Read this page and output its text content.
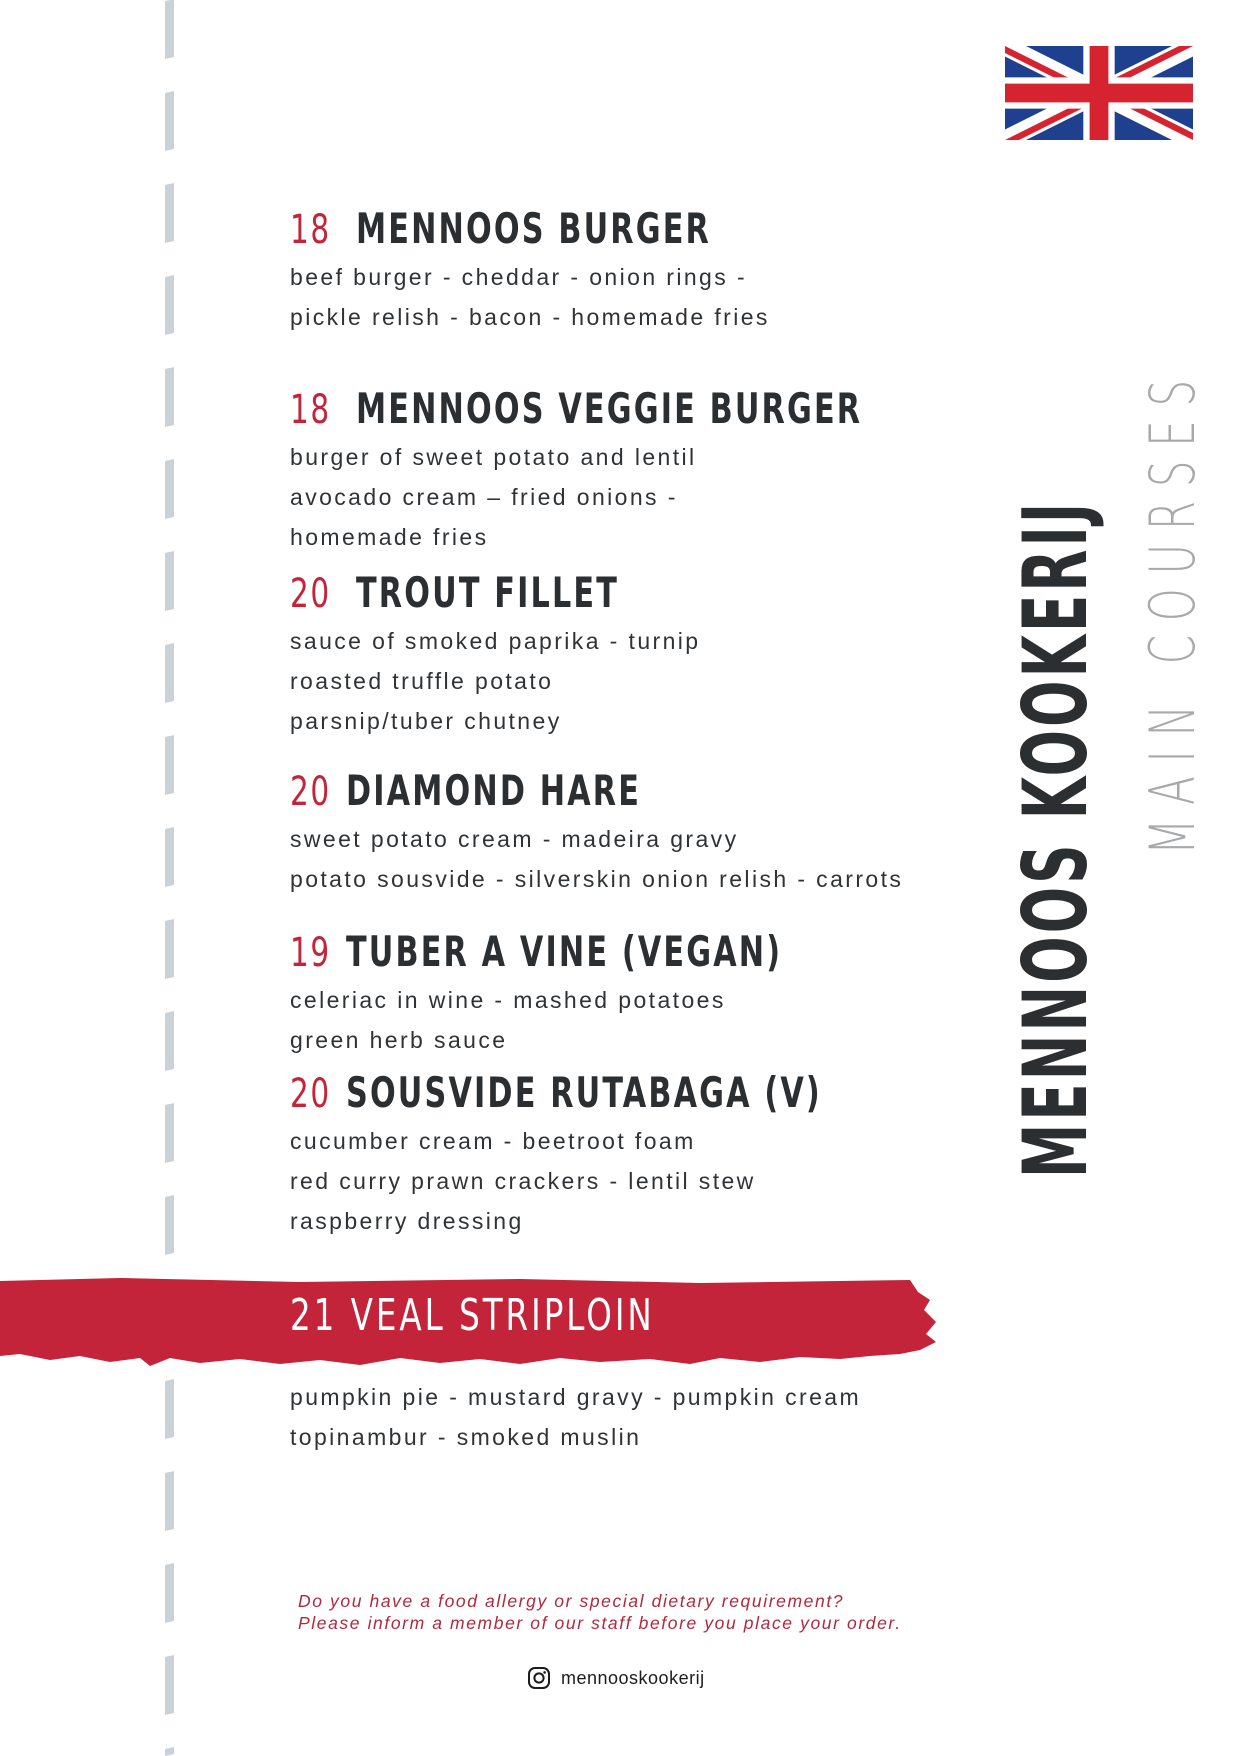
MENNOOS KOOKERIJ MAIN COURSES
18 MENNOOS BURGER
beef burger - cheddar - onion rings -
pickle relish - bacon - homemade fries
18 MENNOOS VEGGIE BURGER
burger of sweet potato and lentil
avocado cream – fried onions -
homemade fries
20 TROUT FILLET
sauce of smoked paprika - turnip
roasted truffle potato
parsnip/tuber chutney
20 DIAMOND HARE
sweet potato cream - madeira gravy
potato sousvide - silverskin onion relish - carrots
19 TUBER A VINE (VEGAN)
celeriac in wine - mashed potatoes
green herb sauce
20 SOUSVIDE RUTABAGA (V)
cucumber cream - beetroot foam
red curry prawn crackers - lentil stew
raspberry dressing
21 VEAL STRIPLOIN
pumpkin pie - mustard gravy - pumpkin cream
topinambur - smoked muslin
Do you have a food allergy or special dietary requirement?
Please inform a member of our staff before you place your order.
mennooskookerij
